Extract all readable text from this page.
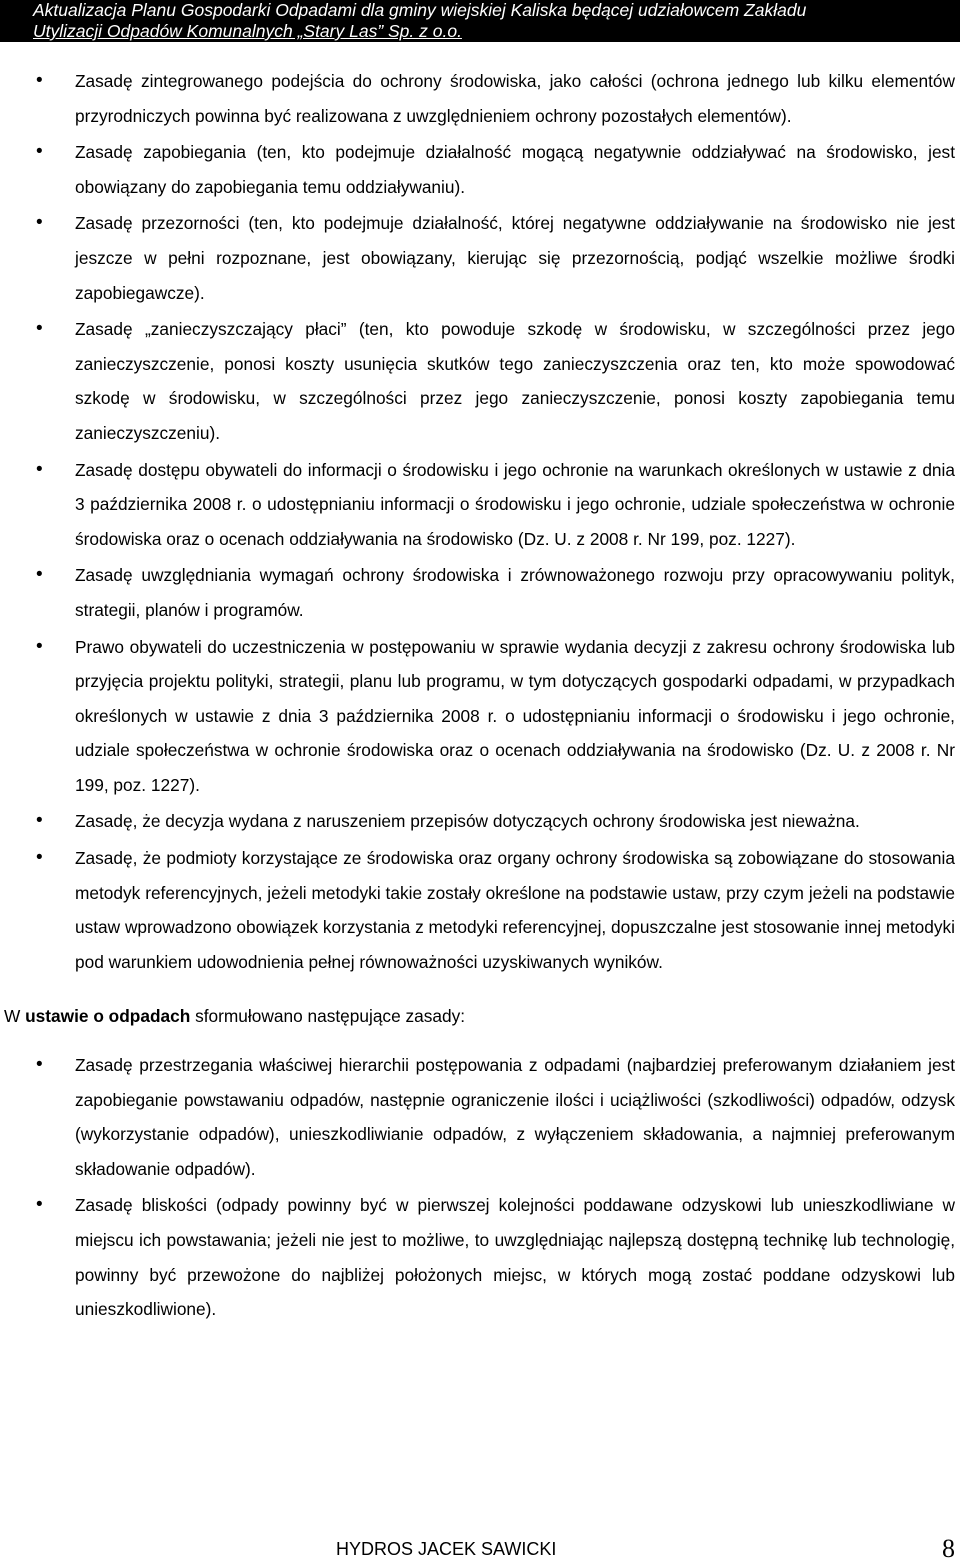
Aktualizacja Planu Gospodarki Odpadami dla gminy wiejskiej Kaliska będącej udziałowcem Zakładu
Utylizacji Odpadów Komunalnych „Stary Las” Sp. z o.o.
• Zasadę zintegrowanego podejścia do ochrony środowiska, jako całości (ochrona jednego lub kilku elementów przyrodniczych powinna być realizowana z uwzględnieniem ochrony pozostałych elementów).
• Zasadę zapobiegania (ten, kto podejmuje działalność mogącą negatywnie oddziaływać na środowisko, jest obowiązany do zapobiegania temu oddziaływaniu).
• Zasadę przezorności (ten, kto podejmuje działalność, której negatywne oddziaływanie na środowisko nie jest jeszcze w pełni rozpoznane, jest obowiązany, kierując się przezornością, podjąć wszelkie możliwe środki zapobiegawcze).
• Zasadę „zanieczyszczający płaci” (ten, kto powoduje szkodę w środowisku, w szczególności przez jego zanieczyszczenie, ponosi koszty usunięcia skutków tego zanieczyszczenia oraz ten, kto może spowodować szkodę w środowisku, w szczególności przez jego zanieczyszczenie, ponosi koszty zapobiegania temu zanieczyszczeniu).
• Zasadę dostępu obywateli do informacji o środowisku i jego ochronie na warunkach określonych w ustawie z dnia 3 października 2008 r. o udostępnianiu informacji o środowisku i jego ochronie, udziale społeczeństwa w ochronie środowiska oraz o ocenach oddziaływania na środowisko (Dz. U. z 2008 r. Nr 199, poz. 1227).
• Zasadę uwzględniania wymagań ochrony środowiska i zrównoważonego rozwoju przy opracowywaniu polityk, strategii, planów i programów.
• Prawo obywateli do uczestniczenia w postępowaniu w sprawie wydania decyzji z zakresu ochrony środowiska lub przyjęcia projektu polityki, strategii, planu lub programu, w tym dotyczących gospodarki odpadami, w przypadkach określonych w ustawie z dnia 3 października 2008 r. o udostępnianiu informacji o środowisku i jego ochronie, udziale społeczeństwa w ochronie środowiska oraz o ocenach oddziaływania na środowisko (Dz. U. z 2008 r. Nr 199, poz. 1227).
• Zasadę, że decyzja wydana z naruszeniem przepisów dotyczących ochrony środowiska jest nieważna.
• Zasadę, że podmioty korzystające ze środowiska oraz organy ochrony środowiska są zobowiązane do stosowania metodyk referencyjnych, jeżeli metodyki takie zostały określone na podstawie ustaw, przy czym jeżeli na podstawie ustaw wprowadzono obowiązek korzystania z metodyki referencyjnej, dopuszczalne jest stosowanie innej metodyki pod warunkiem udowodnienia pełnej równoważności uzyskiwanych wyników.

W ustawie o odpadach sformułowano następujące zasady:

• Zasadę przestrzegania właściwej hierarchii postępowania z odpadami (najbardziej preferowanym działaniem jest zapobieganie powstawaniu odpadów, następnie ograniczenie ilości i uciążliwości (szkodliwości) odpadów, odzysk (wykorzystanie odpadów), unieszkodliwianie odpadów, z wyłączeniem składowania, a najmniej preferowanym składowanie odpadów).
• Zasadę bliskości (odpady powinny być w pierwszej kolejności poddawane odzyskowi lub unieszkodliwiane w miejscu ich powstawania; jeżeli nie jest to możliwe, to uwzględniając najlepszą dostępną technikę lub technologię, powinny być przewożone do najbliżej położonych miejsc, w których mogą zostać poddane odzyskowi lub unieszkodliwione).
HYDROS JACEK SAWICKI	8
